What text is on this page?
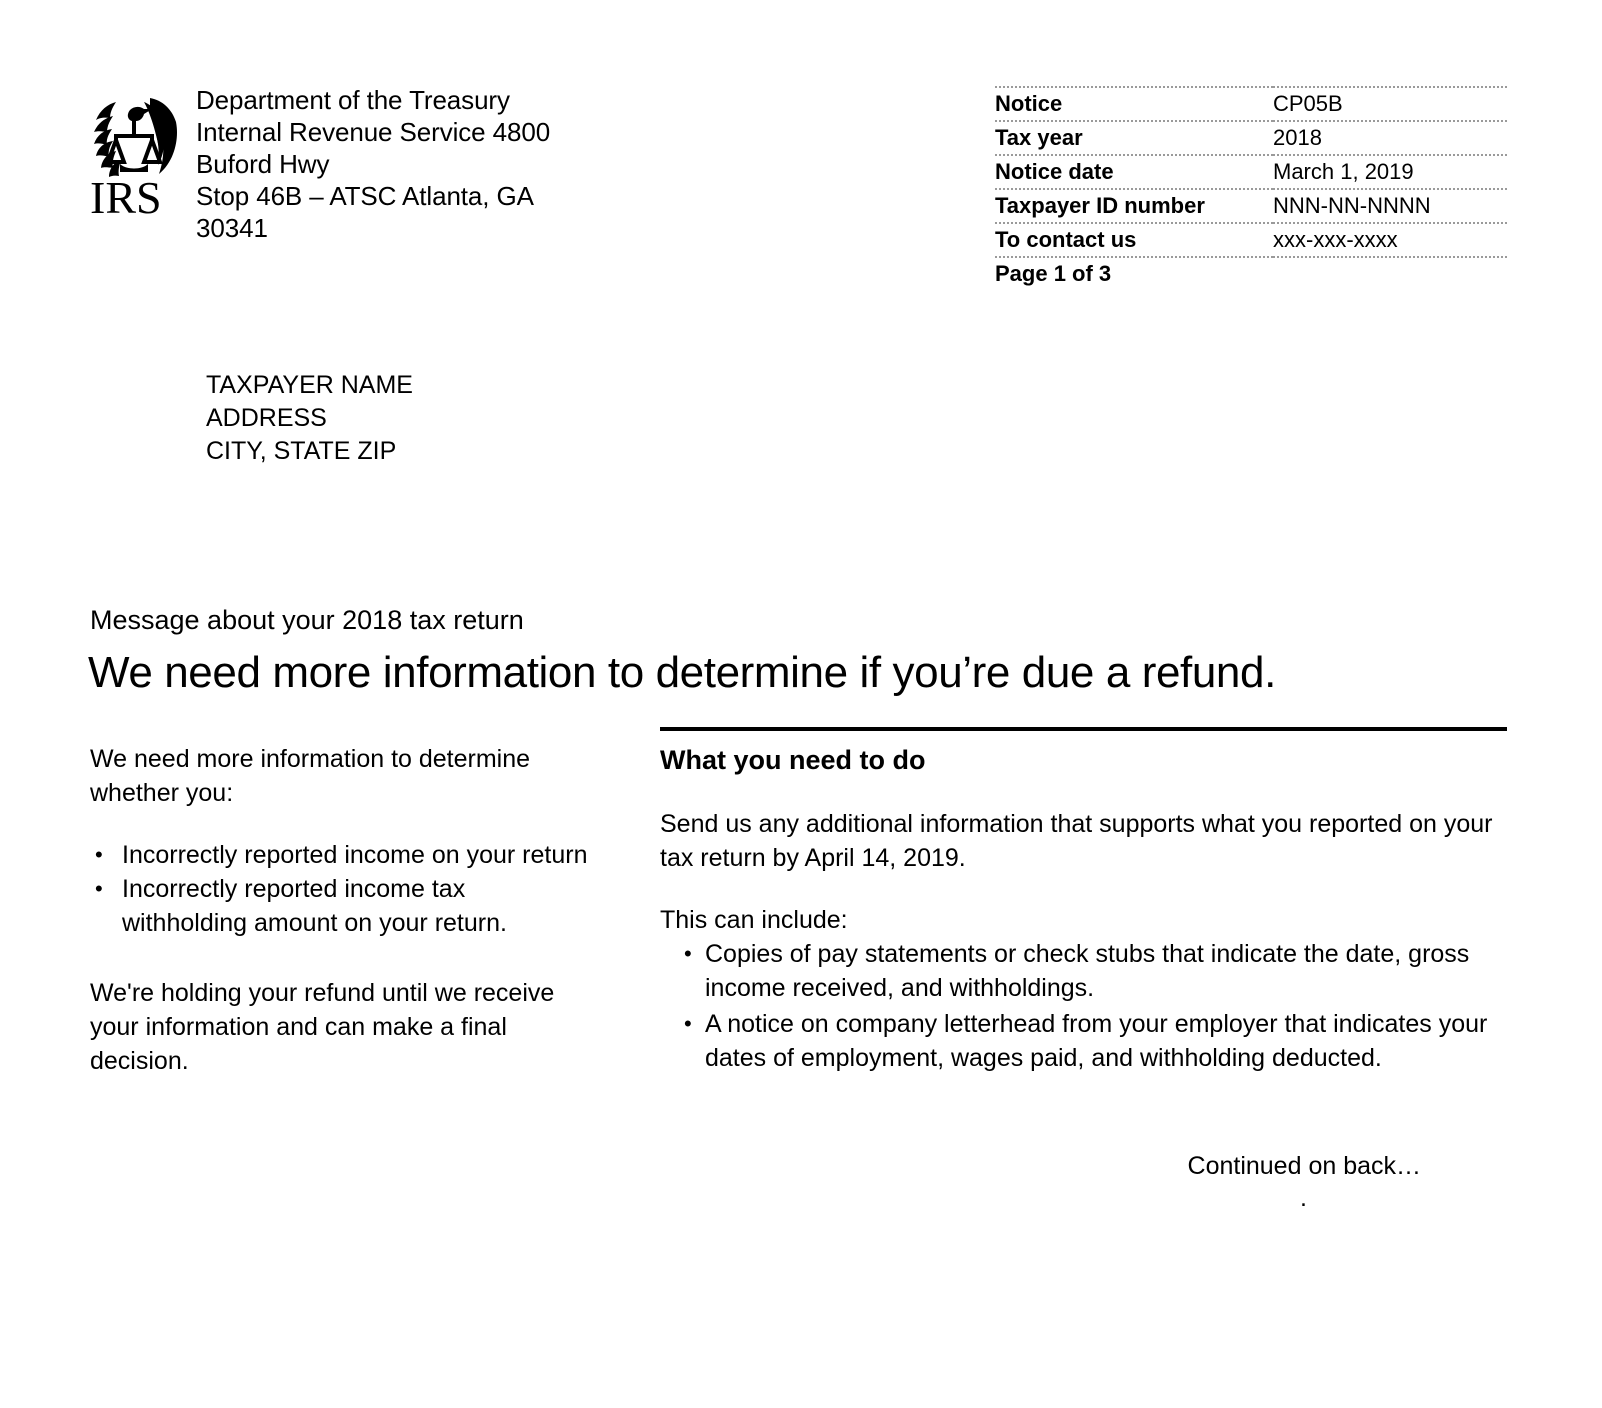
IRS
Department of the Treasury
Internal Revenue Service 4800 Buford Hwy
Stop 46B – ATSC Atlanta, GA 30341
Notice	CP05B
Tax year	2018
Notice date	March 1, 2019
Taxpayer ID number	NNN-NN-NNNN
To contact us	xxx-xxx-xxxx
Page 1 of 3	
TAXPAYER NAME
ADDRESS
CITY, STATE ZIP
Message about your 2018 tax return
We need more information to determine if you’re due a refund.

We need more information to determine whether you:

• Incorrectly reported income on your return
• Incorrectly reported income tax withholding amount on your return.

We're holding your refund until we receive your information and can make a final decision.

What you need to do

Send us any additional information that supports what you reported on your tax return by April 14, 2019.

This can include:

• Copies of pay statements or check stubs that indicate the date, gross income received, and withholdings.
• A notice on company letterhead from your employer that indicates your dates of employment, wages paid, and withholding deducted.
Continued on back…
.
